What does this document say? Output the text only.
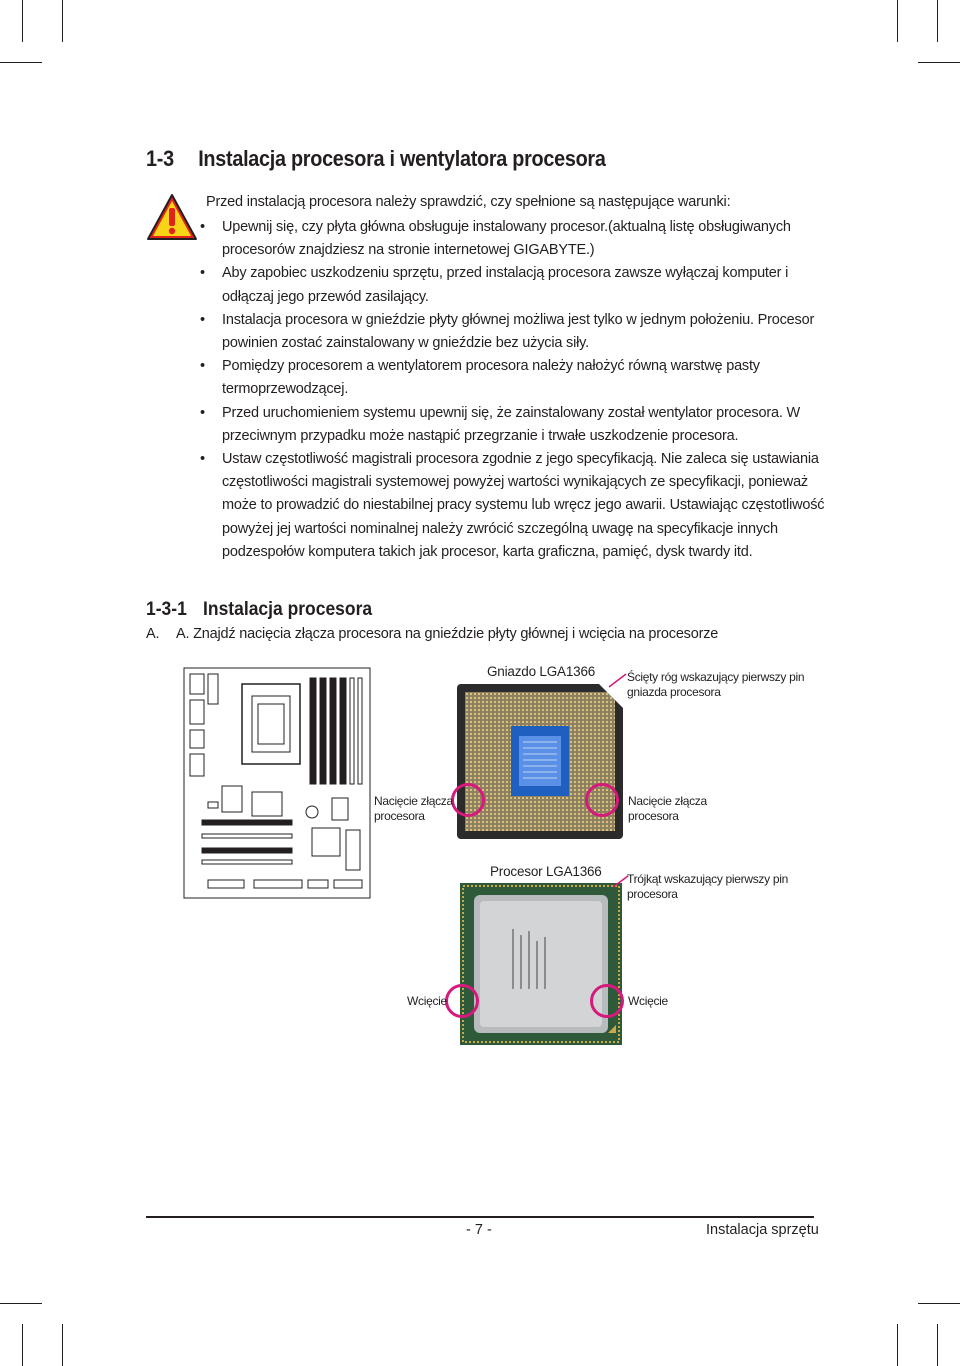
1-3 Instalacja procesora i wentylatora procesora
Przed instalacją procesora należy sprawdzić, czy spełnione są następujące warunki:
• Upewnij się, czy płyta główna obsługuje instalowany procesor.(aktualną listę obsługiwanych procesorów znajdziesz na stronie internetowej GIGABYTE.)
• Aby zapobiec uszkodzeniu sprzętu, przed instalacją procesora zawsze wyłączaj komputer i odłączaj jego przewód zasilający.
• Instalacja procesora w gnieździe płyty głównej możliwa jest tylko w jednym położeniu. Procesor powinien zostać zainstalowany w gnieździe bez użycia siły.
• Pomiędzy procesorem a wentylatorem procesora należy nałożyć równą warstwę pasty termoprzewodzącej.
• Przed uruchomieniem systemu upewnij się, że zainstalowany został wentylator procesora. W przeciwnym przypadku może nastąpić przegrzanie i trwałe uszkodzenie procesora.
• Ustaw częstotliwość magistrali procesora zgodnie z jego specyfikacją. Nie zaleca się ustawiania częstotliwości magistrali systemowej powyżej wartości wynikających ze specyfikacji, ponieważ może to prowadzić do niestabilnej pracy systemu lub wręcz jego awarii. Ustawiając częstotliwość powyżej jej wartości nominalnej należy zwrócić szczególną uwagę na specyfikacje innych podzespołów komputera takich jak procesor, karta graficzna, pamięć, dysk twardy itd.
1-3-1 Instalacja procesora
A. A. Znajdź nacięcia złącza procesora na gnieździe płyty głównej i wcięcia na procesorze
Gniazdo LGA1366	Ścięty róg wskazujący pierwszy pin
gniazda procesora
Nacięcie złącza
procesora
Nacięcie złącza
procesora
Procesor LGA1366 Trójkąt wskazujący pierwszy pin
procesora
Wcięcie	Wcięcie
- 7 -	Instalacja sprzętu
